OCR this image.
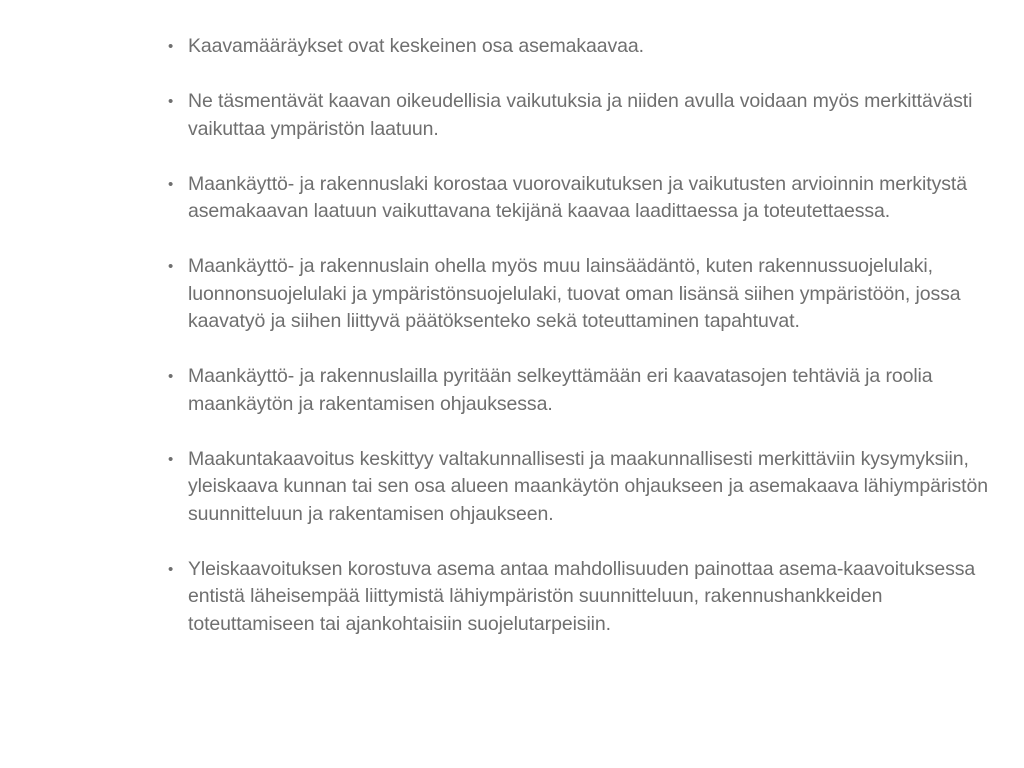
• Kaavamääräykset ovat keskeinen osa asemakaavaa.
• Ne täsmentävät kaavan oikeudellisia vaikutuksia ja niiden avulla voidaan myös merkittävästi vaikuttaa ympäristön laatuun.
• Maankäyttö- ja rakennuslaki korostaa vuorovaikutuksen ja vaikutusten arvioinnin merkitystä asemakaavan laatuun vaikuttavana tekijänä kaavaa laadittaessa ja toteutettaessa.
• Maankäyttö- ja rakennuslain ohella myös muu lainsäädäntö, kuten rakennussuojelulaki, luonnonsuojelulaki ja ympäristönsuojelulaki, tuovat oman lisänsä siihen ympäristöön, jossa kaavatyö ja siihen liittyvä päätöksenteko sekä toteuttaminen tapahtuvat.
• Maankäyttö- ja rakennuslailla pyritään selkeyttämään eri kaavatasojen tehtäviä ja roolia maankäytön ja rakentamisen ohjauksessa.
• Maakuntakaavoitus keskittyy valtakunnallisesti ja maakunnallisesti merkittäviin kysymyksiin, yleiskaava kunnan tai sen osa alueen maankäytön ohjaukseen ja asemakaava lähiympäristön suunnitteluun ja rakentamisen ohjaukseen.
• Yleiskaavoituksen korostuva asema antaa mahdollisuuden painottaa asema-kaavoituksessa entistä läheisempää liittymistä lähiympäristön suunnitteluun, rakennushankkeiden toteuttamiseen tai ajankohtaisiin suojelutarpeisiin.
